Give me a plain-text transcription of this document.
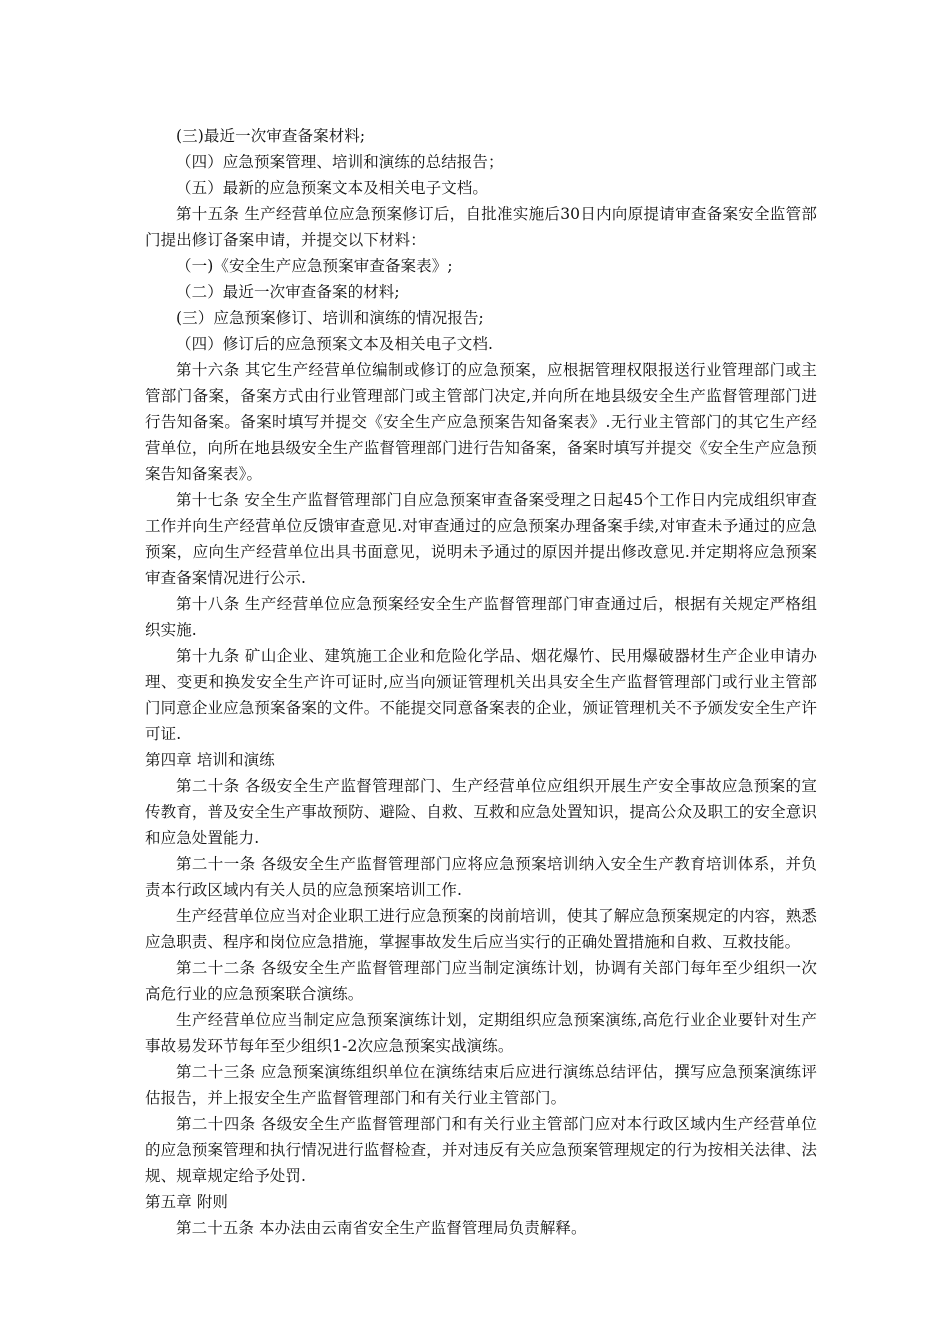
(三)最近一次审查备案材料;

（四）应急预案管理、培训和演练的总结报告；

（五）最新的应急预案文本及相关电子文档。

第十五条 生产经营单位应急预案修订后，自批准实施后30日内向原提请审查备案安全监管部门提出修订备案申请，并提交以下材料：

（一)《安全生产应急预案审查备案表》;

（二）最近一次审查备案的材料;

(三）应急预案修订、培训和演练的情况报告;

（四）修订后的应急预案文本及相关电子文档.

第十六条 其它生产经营单位编制或修订的应急预案，应根据管理权限报送行业管理部门或主管部门备案，备案方式由行业管理部门或主管部门决定,并向所在地县级安全生产监督管理部门进行告知备案。备案时填写并提交《安全生产应急预案告知备案表》.无行业主管部门的其它生产经营单位，向所在地县级安全生产监督管理部门进行告知备案，备案时填写并提交《安全生产应急预案告知备案表》。

第十七条 安全生产监督管理部门自应急预案审查备案受理之日起45个工作日内完成组织审查工作并向生产经营单位反馈审查意见.对审查通过的应急预案办理备案手续,对审查未予通过的应急预案，应向生产经营单位出具书面意见，说明未予通过的原因并提出修改意见.并定期将应急预案审查备案情况进行公示.

第十八条 生产经营单位应急预案经安全生产监督管理部门审查通过后，根据有关规定严格组织实施.

第十九条 矿山企业、建筑施工企业和危险化学品、烟花爆竹、民用爆破器材生产企业申请办理、变更和换发安全生产许可证时,应当向颁证管理机关出具安全生产监督管理部门或行业主管部门同意企业应急预案备案的文件。不能提交同意备案表的企业，颁证管理机关不予颁发安全生产许可证.

第四章 培训和演练

第二十条 各级安全生产监督管理部门、生产经营单位应组织开展生产安全事故应急预案的宣传教育，普及安全生产事故预防、避险、自救、互救和应急处置知识，提高公众及职工的安全意识和应急处置能力.

第二十一条 各级安全生产监督管理部门应将应急预案培训纳入安全生产教育培训体系，并负责本行政区域内有关人员的应急预案培训工作.

生产经营单位应当对企业职工进行应急预案的岗前培训，使其了解应急预案规定的内容，熟悉应急职责、程序和岗位应急措施，掌握事故发生后应当实行的正确处置措施和自救、互救技能。

第二十二条 各级安全生产监督管理部门应当制定演练计划，协调有关部门每年至少组织一次高危行业的应急预案联合演练。

生产经营单位应当制定应急预案演练计划，定期组织应急预案演练,高危行业企业要针对生产事故易发环节每年至少组织1-2次应急预案实战演练。

第二十三条 应急预案演练组织单位在演练结束后应进行演练总结评估，撰写应急预案演练评估报告，并上报安全生产监督管理部门和有关行业主管部门。

第二十四条 各级安全生产监督管理部门和有关行业主管部门应对本行政区域内生产经营单位的应急预案管理和执行情况进行监督检查，并对违反有关应急预案管理规定的行为按相关法律、法规、规章规定给予处罚.

第五章 附则

第二十五条 本办法由云南省安全生产监督管理局负责解释。
